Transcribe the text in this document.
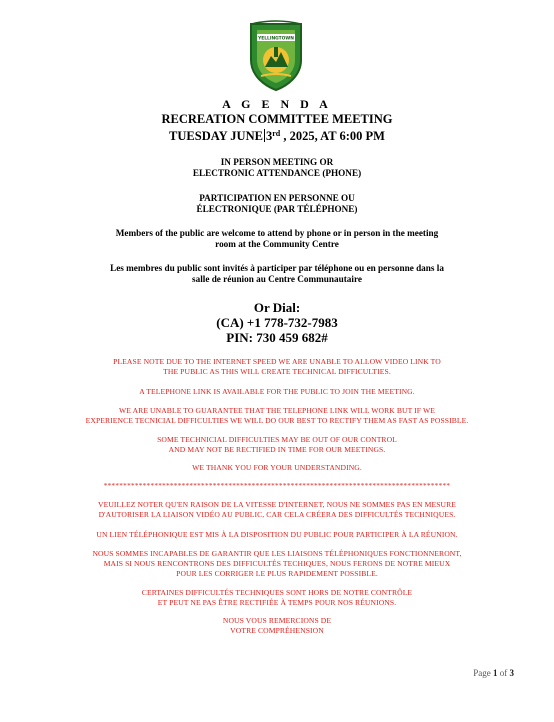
YELLINGTOWN
A G E N D A
RECREATION COMMITTEE MEETING
TUESDAY JUNE 3rd , 2025, AT 6:00 PM
IN PERSON MEETING OR
ELECTRONIC ATTENDANCE (PHONE)
PARTICIPATION EN PERSONNE OU
ÉLECTRONIQUE (PAR TÉLÉPHONE)
Members of the public are welcome to attend by phone or in person in the meeting
room at the Community Centre
Les membres du public sont invités à participer par téléphone ou en personne dans la
salle de réunion au Centre Communautaire
Or Dial:
(CA) +1 778-732-7983
PIN: 730 459 682#
PLEASE NOTE DUE TO THE INTERNET SPEED WE ARE UNABLE TO ALLOW VIDEO LINK TO
THE PUBLIC AS THIS WILL CREATE TECHNICAL DIFFICULTIES.
A TELEPHONE LINK IS AVAILABLE FOR THE PUBLIC TO JOIN THE MEETING.
WE ARE UNABLE TO GUARANTEE THAT THE TELEPHONE LINK WILL WORK BUT IF WE
EXPERIENCE TECNICIAL DIFFICULTIES WE WILL DO OUR BEST TO RECTIFY THEM AS FAST AS POSSIBLE.
SOME TECHNICIAL DIFFICULTIES MAY BE OUT OF OUR CONTROL
AND MAY NOT BE RECTIFIED IN TIME FOR OUR MEETINGS.
WE THANK YOU FOR YOUR UNDERSTANDING.
*****************************************************************************************
VEUILLEZ NOTER QU'EN RAISON DE LA VITESSE D'INTERNET, NOUS NE SOMMES PAS EN MESURE
D'AUTORISER LA LIAISON VIDÉO AU PUBLIC, CAR CELA CRÉERA DES DIFFICULTÉS TECHNIQUES.
UN LIEN TÉLÉPHONIQUE EST MIS À LA DISPOSITION DU PUBLIC POUR PARTICIPER À LA RÉUNION.
NOUS SOMMES INCAPABLES DE GARANTIR QUE LES LIAISONS TÉLÉPHONIQUES FONCTIONNERONT,
MAIS SI NOUS RENCONTRONS DES DIFFICULTÉS TECHIQUES, NOUS FERONS DE NOTRE MIEUX
POUR LES CORRIGER LE PLUS RAPIDEMENT POSSIBLE.
CERTAINES DIFFICULTÉS TECHNIQUES SONT HORS DE NOTRE CONTRÔLE
ET PEUT NE PAS ÊTRE RECTIFIÉE À TEMPS POUR NOS RÉUNIONS.
NOUS VOUS REMERCIONS DE
VOTRE COMPRÉHENSION
Page 1 of 3
